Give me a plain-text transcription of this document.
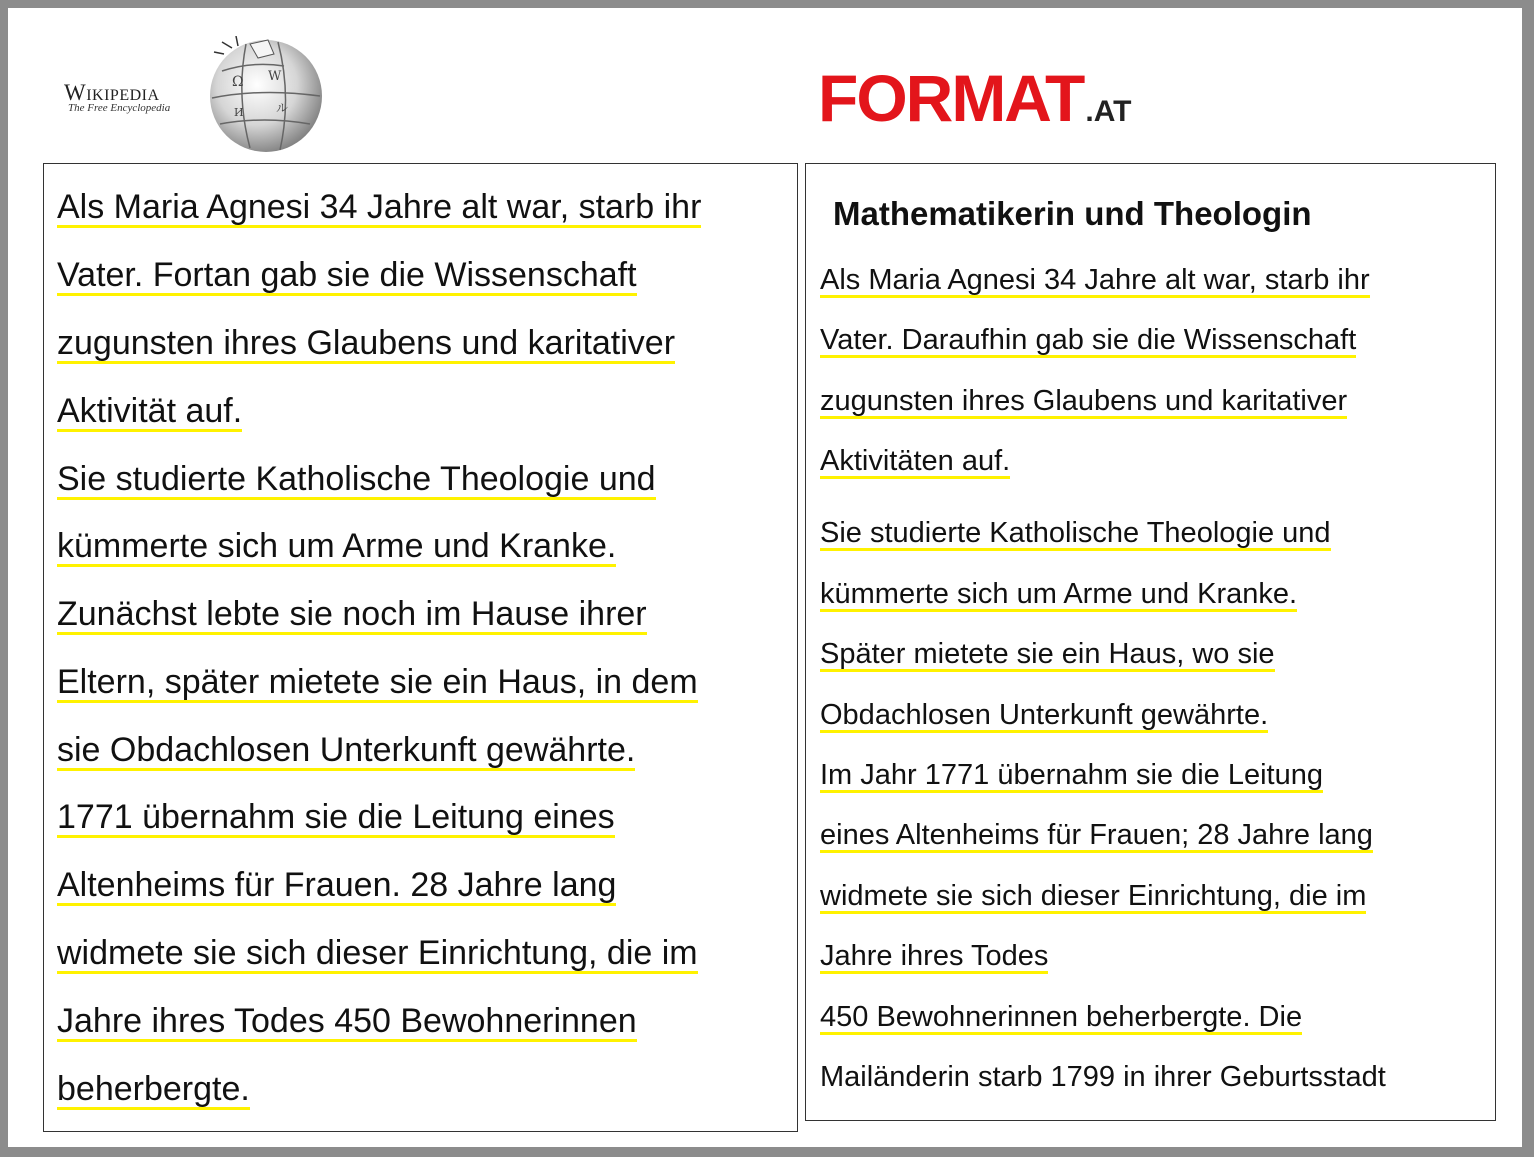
Wikipedia
The Free Encyclopedia
Ω W
И	ル	FORMAT.AT
Als Maria Agnesi 34 Jahre alt war, starb ihr
Vater. Fortan gab sie die Wissenschaft
zugunsten ihres Glaubens und karitativer
Aktivität auf.
Sie studierte Katholische Theologie und
kümmerte sich um Arme und Kranke.
Zunächst lebte sie noch im Hause ihrer
Eltern, später mietete sie ein Haus, in dem
sie Obdachlosen Unterkunft gewährte.
1771 übernahm sie die Leitung eines
Altenheims für Frauen. 28 Jahre lang
widmete sie sich dieser Einrichtung, die im
Jahre ihres Todes 450 Bewohnerinnen
beherbergte.
Mathematikerin und Theologin
Als Maria Agnesi 34 Jahre alt war, starb ihr
Vater. Daraufhin gab sie die Wissenschaft
zugunsten ihres Glaubens und karitativer
Aktivitäten auf.
Sie studierte Katholische Theologie und
kümmerte sich um Arme und Kranke.
Später mietete sie ein Haus, wo sie
Obdachlosen Unterkunft gewährte.
Im Jahr 1771 übernahm sie die Leitung
eines Altenheims für Frauen; 28 Jahre lang
widmete sie sich dieser Einrichtung, die im
Jahre ihres Todes
450 Bewohnerinnen beherbergte. Die
Mailänderin starb 1799 in ihrer Geburtsstadt
